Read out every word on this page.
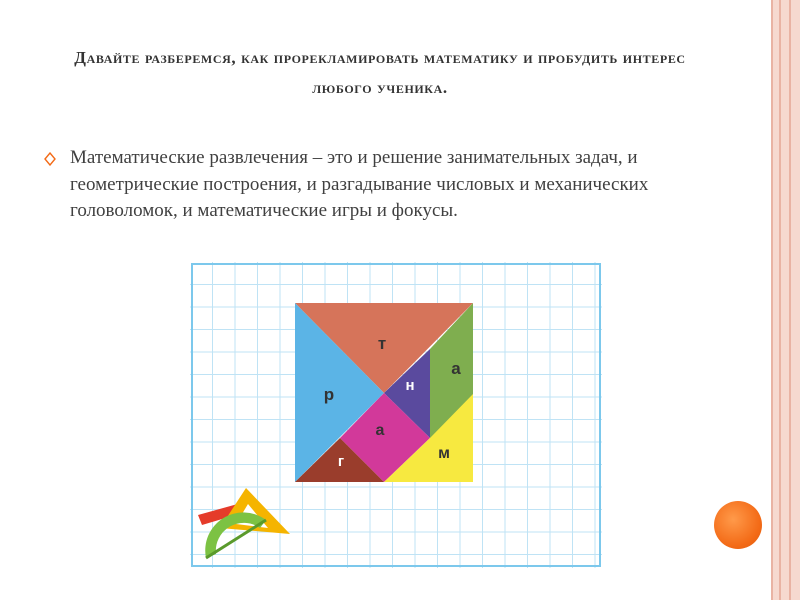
Давайте разберемся, как прорекламировать математику и пробудить интерес любого ученика.
Математические развлечения – это и решение занимательных задач, и геометрические построения, и разгадывание числовых и механических головоломок, и математические игры и фокусы.
т
а
р	н
а
г	м
